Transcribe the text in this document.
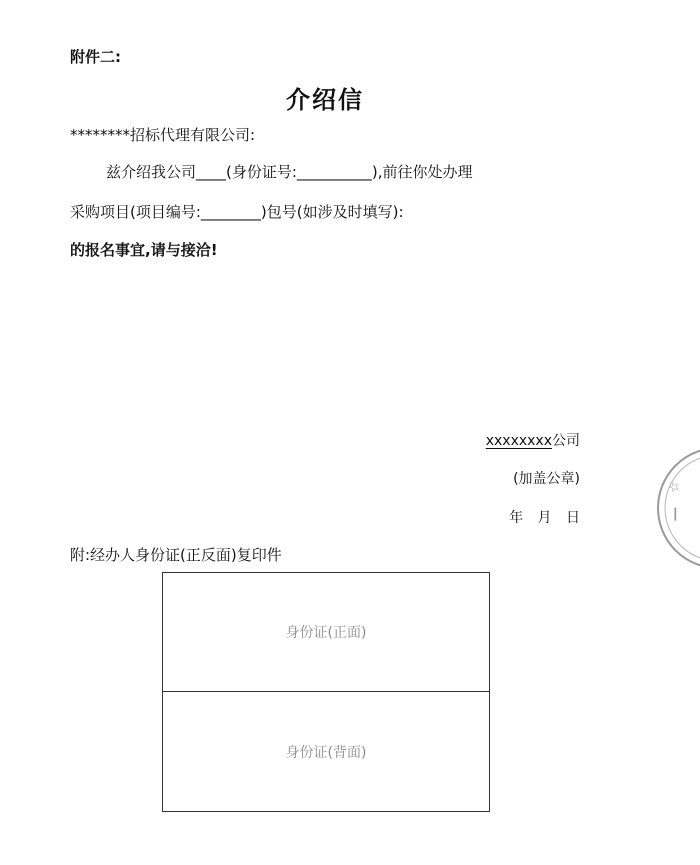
附件二:
介绍信
********招标代理有限公司:
兹介绍我公司____(身份证号:__________),前往你处办理
采购项目(项目编号:________)包号(如涉及时填写):
的报名事宜,请与接洽!
xxxxxxxx公司
(加盖公章)
年 月 日
附:经办人身份证(正反面)复印件
身份证(正面)
身份证(背面)
☆
┃
